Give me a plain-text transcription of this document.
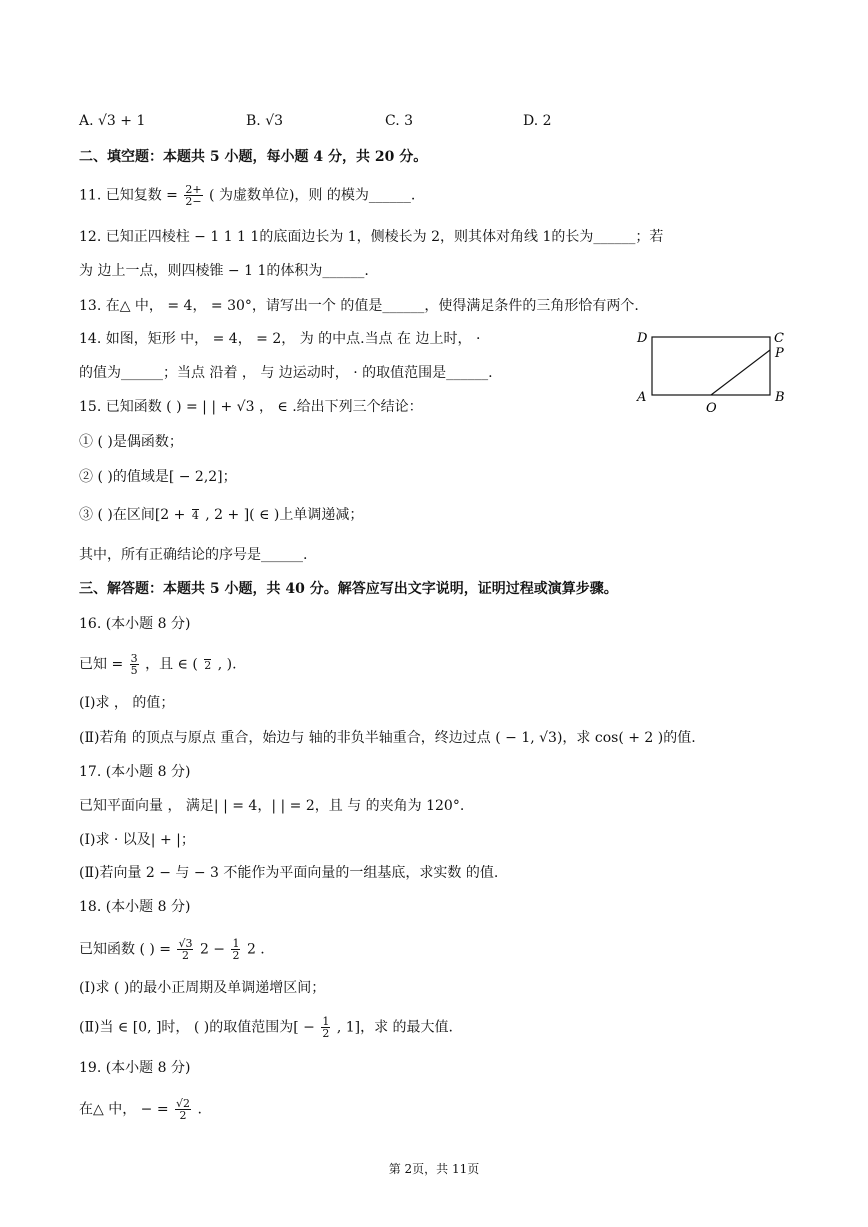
A. √3 + 1	B. √3	C. 3	D. 2
二、填空题：本题共 5 小题，每小题 4 分，共 20 分。
11. 已知复数 = $\frac{2+}{2-}$ ( 为虚数单位)，则 的模为______.
12. 已知正四棱柱 − 1 1 1 1的底面边长为 1，侧棱长为 2，则其体对角线 1的长为______；若
为 边上一点，则四棱锥 − 1 1的体积为______.
13. 在△ 中， = 4， = 30°，请写出一个 的值是______，使得满足条件的三角形恰有两个.
14. 如图，矩形 中， = 4， = 2， 为 的中点.当点 在 边上时， ·
的值为______；当点 沿着 ， 与 边运动时， · 的取值范围是______.
D	C
P
A
O
B
15. 已知函数 ( ) = | | + √3 ， ∈ .给出下列三个结论：
① ( )是偶函数；
② ( )的值域是[ − 2,2]；
③ ( )在区间[2 + 4 , 2 + ]( ∈ )上单调递减；
其中，所有正确结论的序号是______.
三、解答题：本题共 5 小题，共 40 分。解答应写出文字说明，证明过程或演算步骤。
16. (本小题 8 分)
已知 = $\frac{3}{5}$ ，且 ∈ ( 2 , ).
(Ⅰ)求 ， 的值；
(Ⅱ)若角 的顶点与原点 重合，始边与 轴的非负半轴重合，终边过点 ( − 1, √3)，求 cos( + 2 )的值.
17. (本小题 8 分)
已知平面向量 ， 满足| | = 4，| | = 2，且 与 的夹角为 120°.
(Ⅰ)求 · 以及| + |；
(Ⅱ)若向量 2 − 与 − 3 不能作为平面向量的一组基底，求实数 的值.
18. (本小题 8 分)
已知函数 ( ) = $\frac{√3}{2} 2 - \frac{1}{2} 2$ .
(Ⅰ)求 ( )的最小正周期及单调递增区间；
(Ⅱ)当 ∈ [0, ]时， ( )的取值范围为[ − $\frac{1}{2}$ , 1]，求 的最大值.
19. (本小题 8 分)
在△ 中， − = $\frac{√2}{2}$ .
第 2页，共 11页
